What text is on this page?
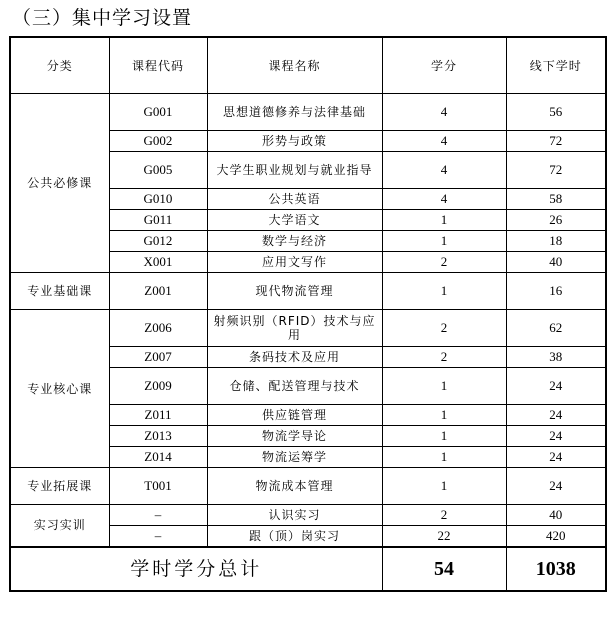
（三）集中学习设置
分类	课程代码	课程名称	学分	线下学时
公共必修课	G001	思想道德修养与法律基础	4	56
	G002	形势与政策	4	72
	G005	大学生职业规划与就业指导	4	72
	G010	公共英语	4	58
	G011	大学语文	1	26
	G012	数学与经济	1	18
	X001	应用文写作	2	40
专业基础课	Z001	现代物流管理	1	16
专业核心课	Z006	射频识别（RFID）技术与应用	2	62
	Z007	条码技术及应用	2	38
	Z009	仓储、配送管理与技术	1	24
	Z011	供应链管理	1	24
	Z013	物流学导论	1	24
	Z014	物流运筹学	1	24
专业拓展课	T001	物流成本管理	1	24
实习实训	–	认识实习	2	40
	–	跟（顶）岗实习	22	420
学时学分总计			54	1038
